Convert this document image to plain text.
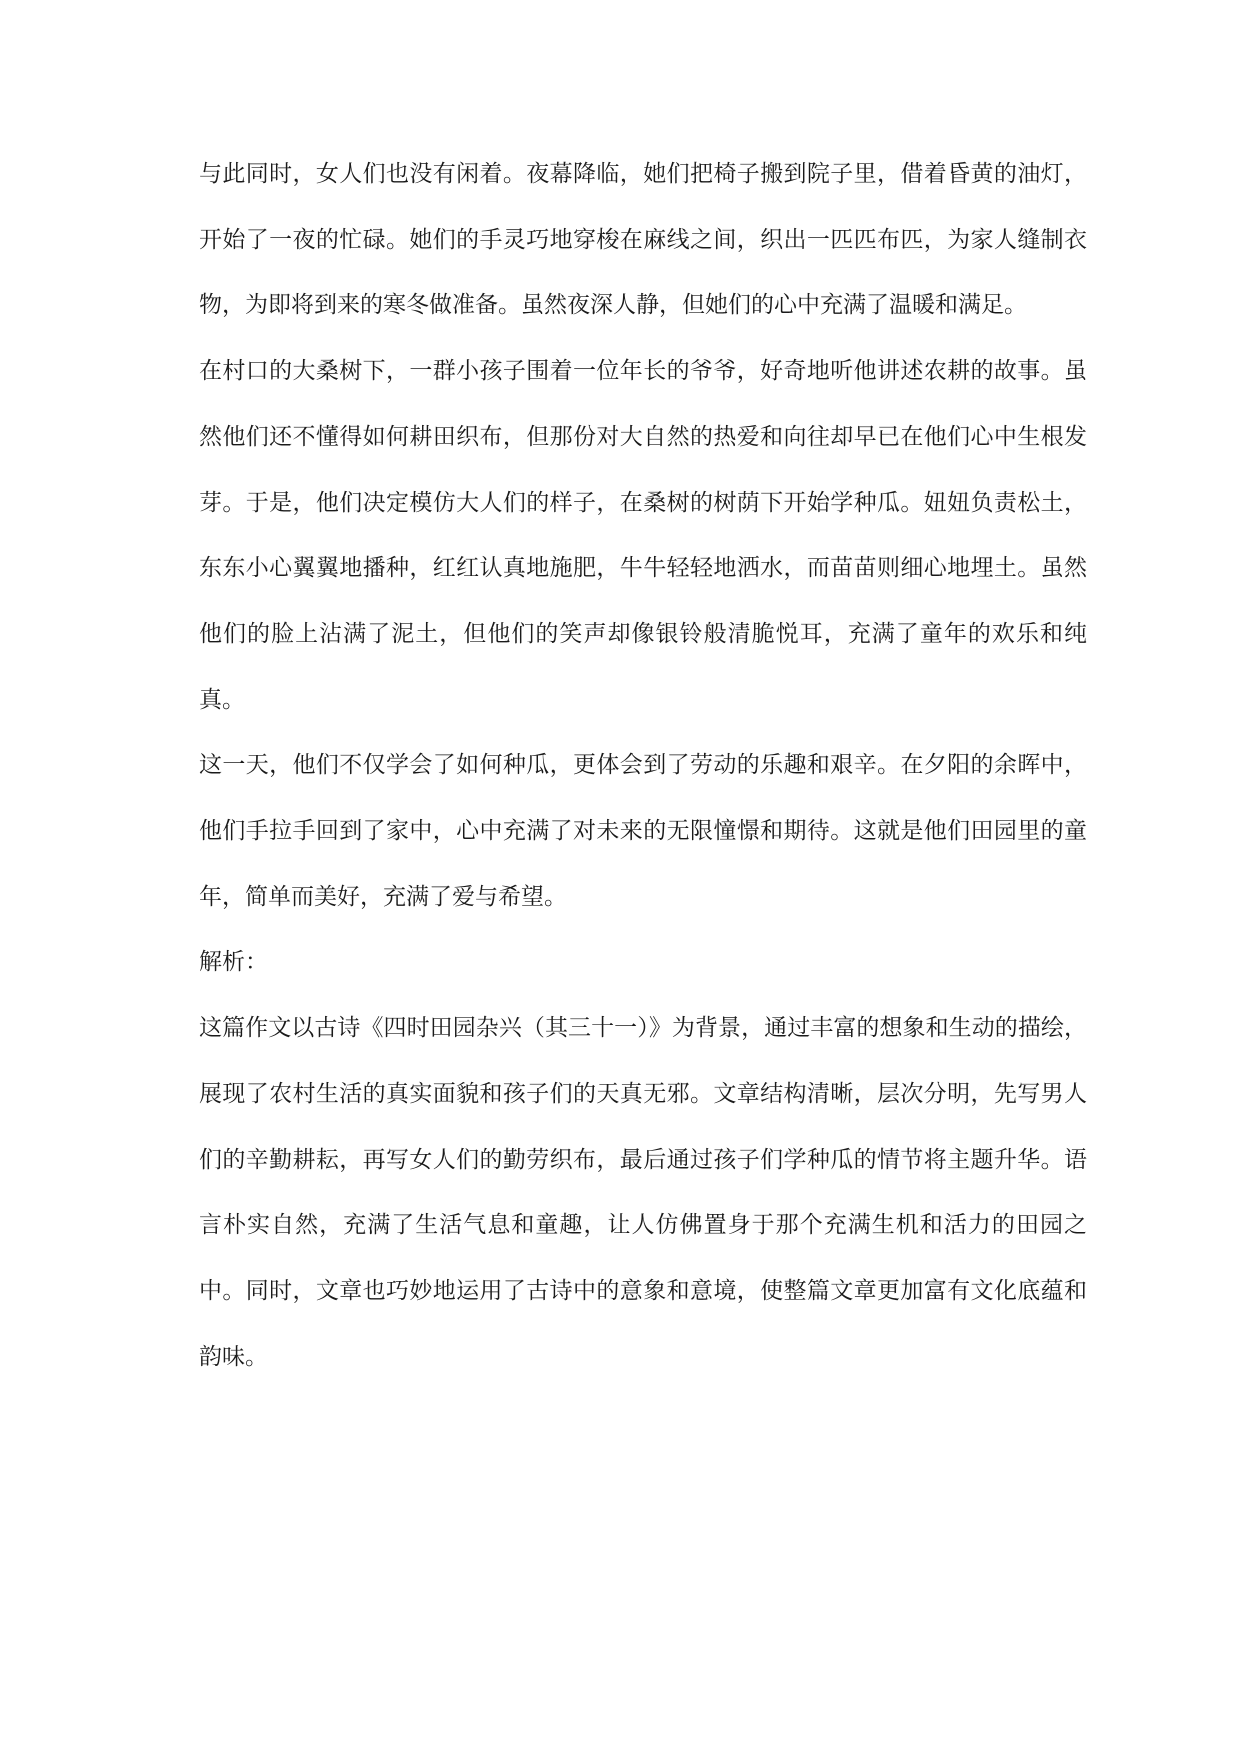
与此同时，女人们也没有闲着。夜幕降临，她们把椅子搬到院子里，借着昏黄的油灯，开始了一夜的忙碌。她们的手灵巧地穿梭在麻线之间，织出一匹匹布匹，为家人缝制衣物，为即将到来的寒冬做准备。虽然夜深人静，但她们的心中充满了温暖和满足。

在村口的大桑树下，一群小孩子围着一位年长的爷爷，好奇地听他讲述农耕的故事。虽然他们还不懂得如何耕田织布，但那份对大自然的热爱和向往却早已在他们心中生根发芽。于是，他们决定模仿大人们的样子，在桑树的树荫下开始学种瓜。妞妞负责松土，东东小心翼翼地播种，红红认真地施肥，牛牛轻轻地洒水，而苗苗则细心地埋土。虽然他们的脸上沾满了泥土，但他们的笑声却像银铃般清脆悦耳，充满了童年的欢乐和纯真。

这一天，他们不仅学会了如何种瓜，更体会到了劳动的乐趣和艰辛。在夕阳的余晖中，他们手拉手回到了家中，心中充满了对未来的无限憧憬和期待。这就是他们田园里的童年，简单而美好，充满了爱与希望。

解析：

这篇作文以古诗《四时田园杂兴（其三十一）》为背景，通过丰富的想象和生动的描绘，展现了农村生活的真实面貌和孩子们的天真无邪。文章结构清晰，层次分明，先写男人们的辛勤耕耘，再写女人们的勤劳织布，最后通过孩子们学种瓜的情节将主题升华。语言朴实自然，充满了生活气息和童趣，让人仿佛置身于那个充满生机和活力的田园之中。同时，文章也巧妙地运用了古诗中的意象和意境，使整篇文章更加富有文化底蕴和韵味。
